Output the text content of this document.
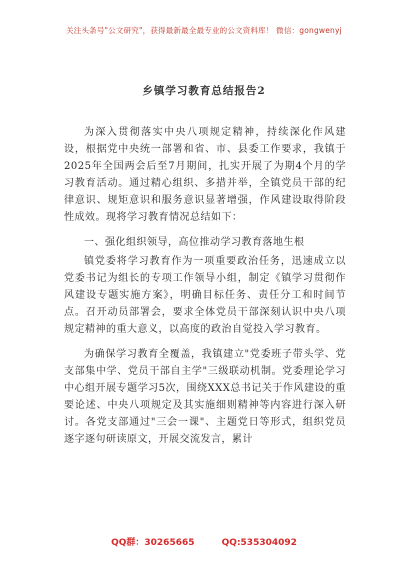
关注头条号"公文研究"，获得最新最全最专业的公文资料库！ 微信：gongwenyj
乡镇学习教育总结报告2

为深入贯彻落实中央八项规定精神，持续深化作风建设，根据党中央统一部署和省、市、县委工作要求，我镇于2025年全国两会后至7月期间，扎实开展了为期4个月的学习教育活动。通过精心组织、多措并举，全镇党员干部的纪律意识、规矩意识和服务意识显著增强，作风建设取得阶段性成效。现将学习教育情况总结如下：

一、强化组织领导，高位推动学习教育落地生根

镇党委将学习教育作为一项重要政治任务，迅速成立以党委书记为组长的专项工作领导小组，制定《镇学习贯彻作风建设专题实施方案》，明确目标任务、责任分工和时间节点。召开动员部署会，要求全体党员干部深刻认识中央八项规定精神的重大意义，以高度的政治自觉投入学习教育。

为确保学习教育全覆盖，我镇建立"党委班子带头学、党支部集中学、党员干部自主学"三级联动机制。党委理论学习中心组开展专题学习5次，围绕XXX总书记关于作风建设的重要论述、中央八项规定及其实施细则精神等内容进行深入研讨。各党支部通过"三会一课"、主题党日等形式，组织党员逐字逐句研读原文，开展交流发言，累计

QQ群：30265665	QQ:535304092
